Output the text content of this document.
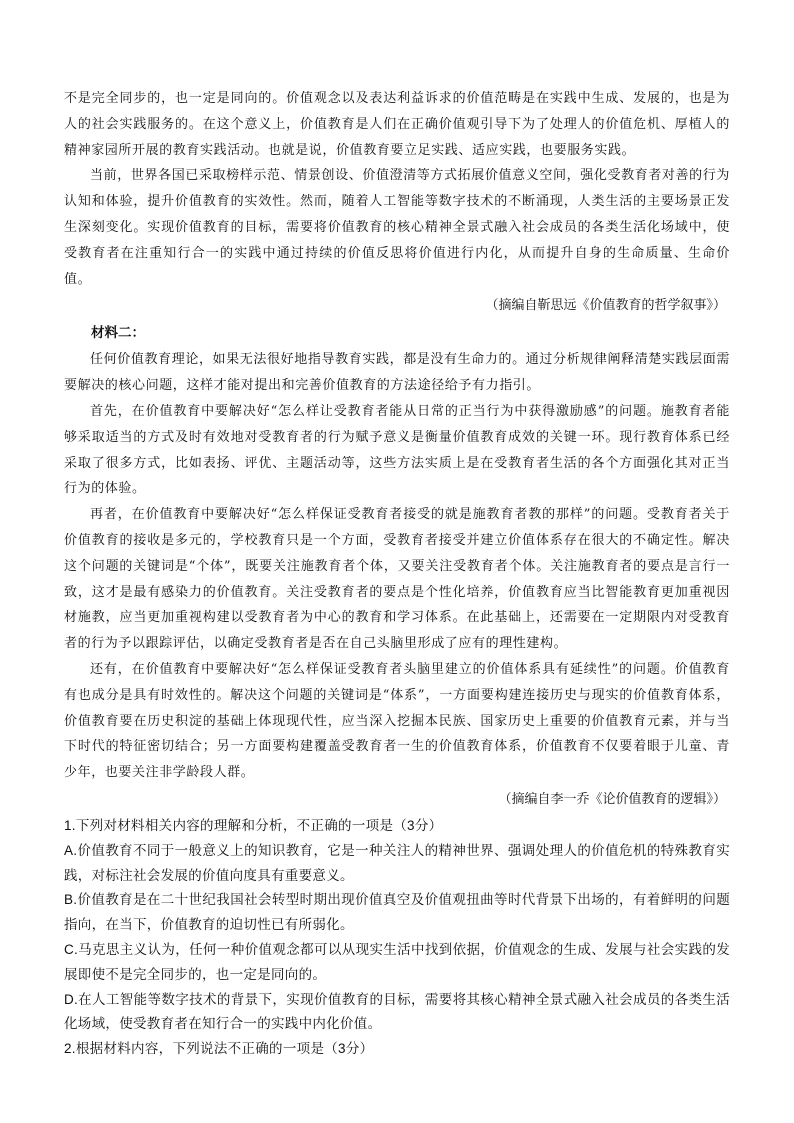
不是完全同步的，也一定是同向的。价值观念以及表达利益诉求的价值范畴是在实践中生成、发展的，也是为人的社会实践服务的。在这个意义上，价值教育是人们在正确价值观引导下为了处理人的价值危机、厚植人的精神家园所开展的教育实践活动。也就是说，价值教育要立足实践、适应实践，也要服务实践。

当前，世界各国已采取榜样示范、情景创设、价值澄清等方式拓展价值意义空间，强化受教育者对善的行为认知和体验，提升价值教育的实效性。然而，随着人工智能等数字技术的不断涌现，人类生活的主要场景正发生深刻变化。实现价值教育的目标，需要将价值教育的核心精神全景式融入社会成员的各类生活化场域中，使受教育者在注重知行合一的实践中通过持续的价值反思将价值进行内化，从而提升自身的生命质量、生命价值。

（摘编自靳思远《价值教育的哲学叙事》）

材料二：

任何价值教育理论，如果无法很好地指导教育实践，都是没有生命力的。通过分析规律阐释清楚实践层面需要解决的核心问题，这样才能对提出和完善价值教育的方法途径给予有力指引。

首先，在价值教育中要解决好“怎么样让受教育者能从日常的正当行为中获得激励感”的问题。施教育者能够采取适当的方式及时有效地对受教育者的行为赋予意义是衡量价值教育成效的关键一环。现行教育体系已经采取了很多方式，比如表扬、评优、主题活动等，这些方法实质上是在受教育者生活的各个方面强化其对正当行为的体验。

再者，在价值教育中要解决好“怎么样保证受教育者接受的就是施教育者教的那样”的问题。受教育者关于价值教育的接收是多元的，学校教育只是一个方面，受教育者接受并建立价值体系存在很大的不确定性。解决这个问题的关键词是“个体”，既要关注施教育者个体，又要关注受教育者个体。关注施教育者的要点是言行一致，这才是最有感染力的价值教育。关注受教育者的要点是个性化培养，价值教育应当比智能教育更加重视因材施教，应当更加重视构建以受教育者为中心的教育和学习体系。在此基础上，还需要在一定期限内对受教育者的行为予以跟踪评估，以确定受教育者是否在自己头脑里形成了应有的理性建构。

还有，在价值教育中要解决好“怎么样保证受教育者头脑里建立的价值体系具有延续性”的问题。价值教育有也成分是具有时效性的。解决这个问题的关键词是“体系”，一方面要构建连接历史与现实的价值教育体系，价值教育要在历史积淀的基础上体现现代性，应当深入挖掘本民族、国家历史上重要的价值教育元素，并与当下时代的特征密切结合；另一方面要构建覆盖受教育者一生的价值教育体系，价值教育不仅要着眼于儿童、青少年，也要关注非学龄段人群。

（摘编自李一乔《论价值教育的逻辑》）

1.下列对材料相关内容的理解和分析，不正确的一项是（3分）

A.价值教育不同于一般意义上的知识教育，它是一种关注人的精神世界、强调处理人的价值危机的特殊教育实践，对标注社会发展的价值向度具有重要意义。

B.价值教育是在二十世纪我国社会转型时期出现价值真空及价值观扭曲等时代背景下出场的，有着鲜明的问题指向，在当下，价值教育的迫切性已有所弱化。

C.马克思主义认为，任何一种价值观念都可以从现实生活中找到依据，价值观念的生成、发展与社会实践的发展即使不是完全同步的，也一定是同向的。

D.在人工智能等数字技术的背景下，实现价值教育的目标，需要将其核心精神全景式融入社会成员的各类生活化场域，使受教育者在知行合一的实践中内化价值。

2.根据材料内容，下列说法不正确的一项是（3分）
